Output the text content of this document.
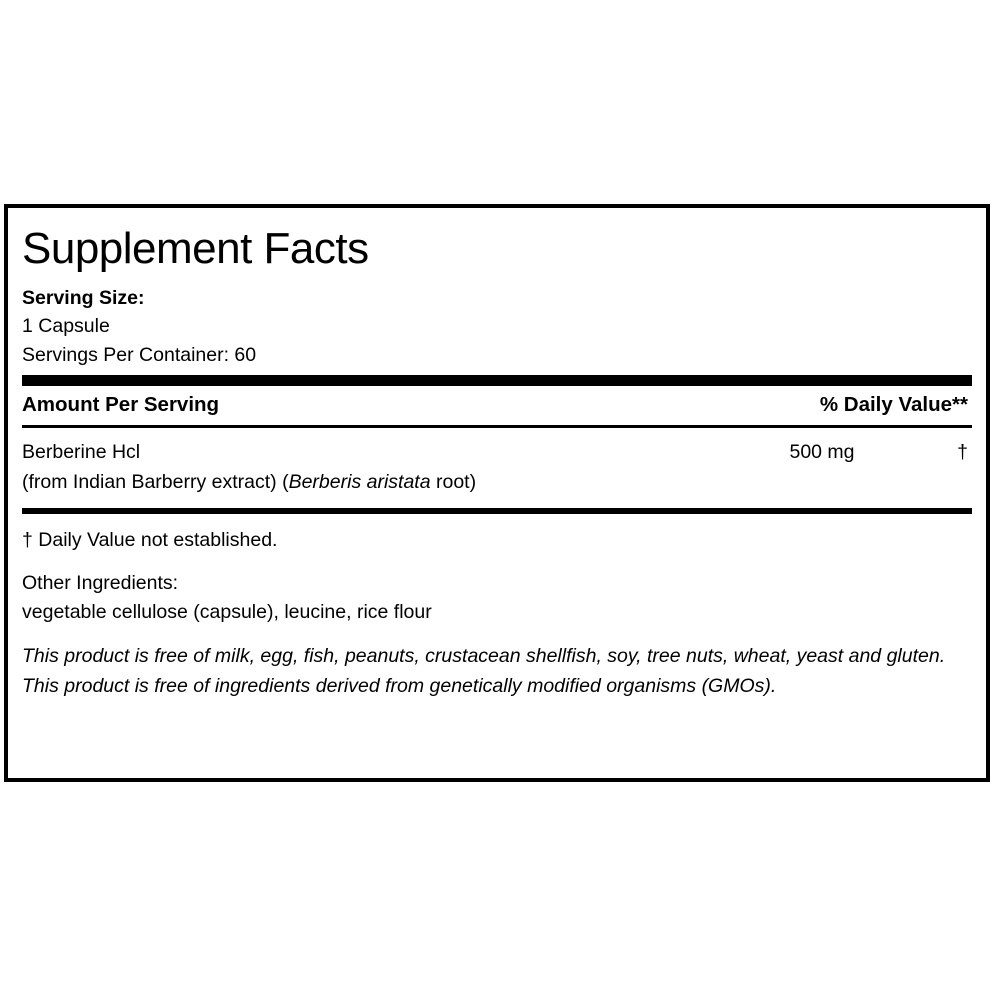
Supplement Facts
Serving Size:
1 Capsule
Servings Per Container: 60
Amount Per Serving	% Daily Value**
Berberine Hcl	500 mg	†
(from Indian Barberry extract) (Berberis aristata root)
† Daily Value not established.
Other Ingredients:
vegetable cellulose (capsule), leucine, rice flour
This product is free of milk, egg, fish, peanuts, crustacean shellfish, soy, tree nuts, wheat, yeast and gluten.
This product is free of ingredients derived from genetically modified organisms (GMOs).
